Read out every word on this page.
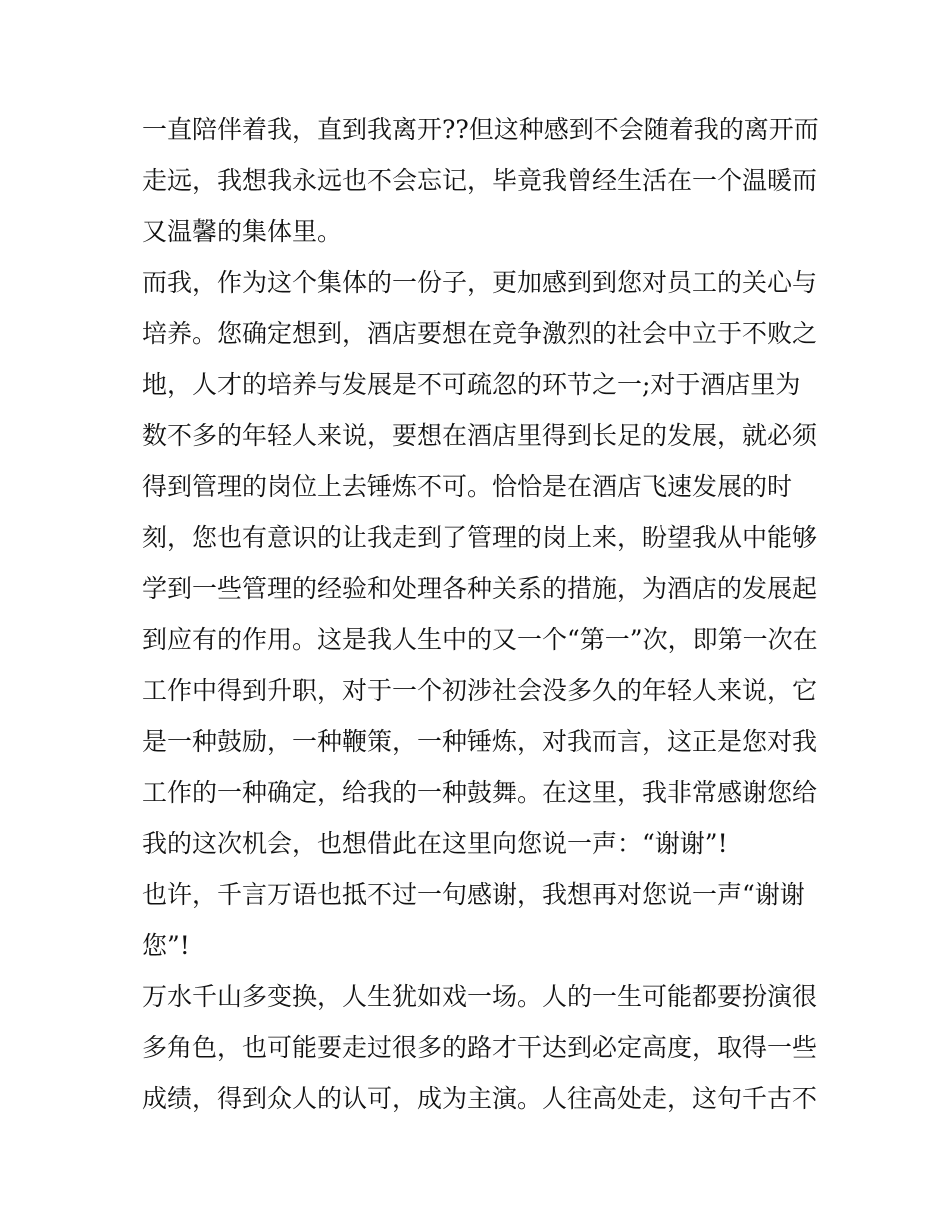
一直陪伴着我，直到我离开??但这种感到不会随着我的离开而
走远，我想我永远也不会忘记，毕竟我曾经生活在一个温暖而
又温馨的集体里。
而我，作为这个集体的一份子，更加感到到您对员工的关心与
培养。您确定想到，酒店要想在竞争激烈的社会中立于不败之
地，人才的培养与发展是不可疏忽的环节之一;对于酒店里为
数不多的年轻人来说，要想在酒店里得到长足的发展，就必须
得到管理的岗位上去锤炼不可。恰恰是在酒店飞速发展的时
刻，您也有意识的让我走到了管理的岗上来，盼望我从中能够
学到一些管理的经验和处理各种关系的措施，为酒店的发展起
到应有的作用。这是我人生中的又一个“第一”次，即第一次在
工作中得到升职，对于一个初涉社会没多久的年轻人来说，它
是一种鼓励，一种鞭策，一种锤炼，对我而言，这正是您对我
工作的一种确定，给我的一种鼓舞。在这里，我非常感谢您给
我的这次机会，也想借此在这里向您说一声：“谢谢”!
也许，千言万语也抵不过一句感谢，我想再对您说一声“谢谢
您”!
万水千山多变换，人生犹如戏一场。人的一生可能都要扮演很
多角色，也可能要走过很多的路才干达到必定高度，取得一些
成绩，得到众人的认可，成为主演。人往高处走，这句千古不
